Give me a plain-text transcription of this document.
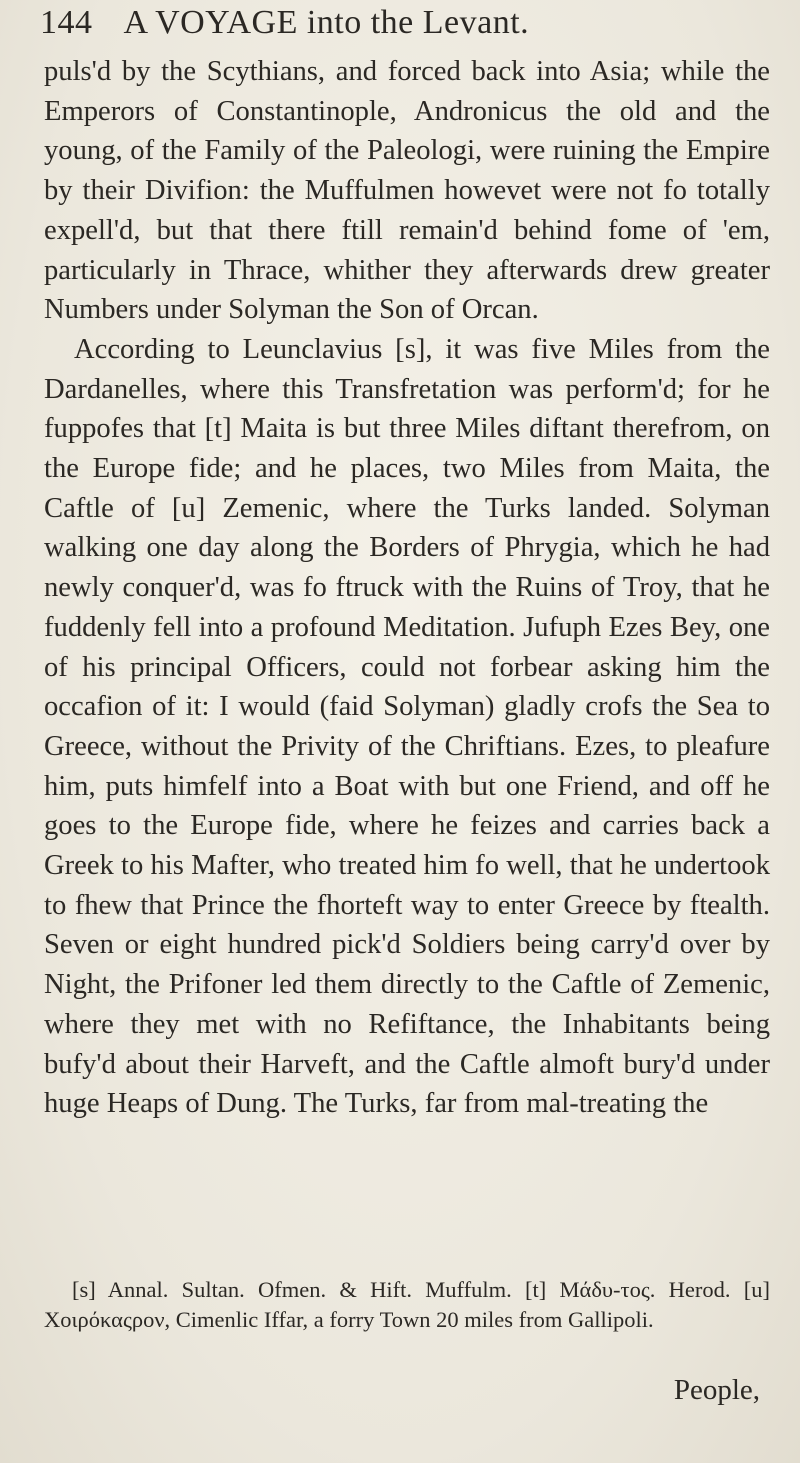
144 A VOYAGE into the Levant.

puls'd by the Scythians, and forced back into Asia; while the Emperors of Constantinople, Andronicus the old and the young, of the Family of the Paleologi, were ruining the Empire by their Divifion: the Muffulmen howevet were not fo totally expell'd, but that there ftill remain'd behind fome of 'em, particularly in Thrace, whither they afterwards drew greater Numbers under Solyman the Son of Orcan.

According to Leunclavius [s], it was five Miles from the Dardanelles, where this Transfretation was perform'd; for he fuppofes that [t] Maita is but three Miles diftant therefrom, on the Europe fide; and he places, two Miles from Maita, the Caftle of [u] Zemenic, where the Turks landed. Solyman walking one day along the Borders of Phrygia, which he had newly conquer'd, was fo ftruck with the Ruins of Troy, that he fuddenly fell into a profound Meditation. Jufuph Ezes Bey, one of his principal Officers, could not forbear asking him the occafion of it: I would (faid Solyman) gladly crofs the Sea to Greece, without the Privity of the Chriftians. Ezes, to pleafure him, puts himfelf into a Boat with but one Friend, and off he goes to the Europe fide, where he feizes and carries back a Greek to his Mafter, who treated him fo well, that he undertook to fhew that Prince the fhorteft way to enter Greece by ftealth. Seven or eight hundred pick'd Soldiers being carry'd over by Night, the Prifoner led them directly to the Caftle of Zemenic, where they met with no Refiftance, the Inhabitants being bufy'd about their Harveft, and the Caftle almoft bury'd under huge Heaps of Dung. The Turks, far from mal-treating the

[s] Annal. Sultan. Ofmen. & Hift. Muffulm. [t] Μάδυ-τος. Herod. [u] Χοιρόκαςρον, Cimenlic Iffar, a forry Town 20 miles from Gallipoli.

People,
